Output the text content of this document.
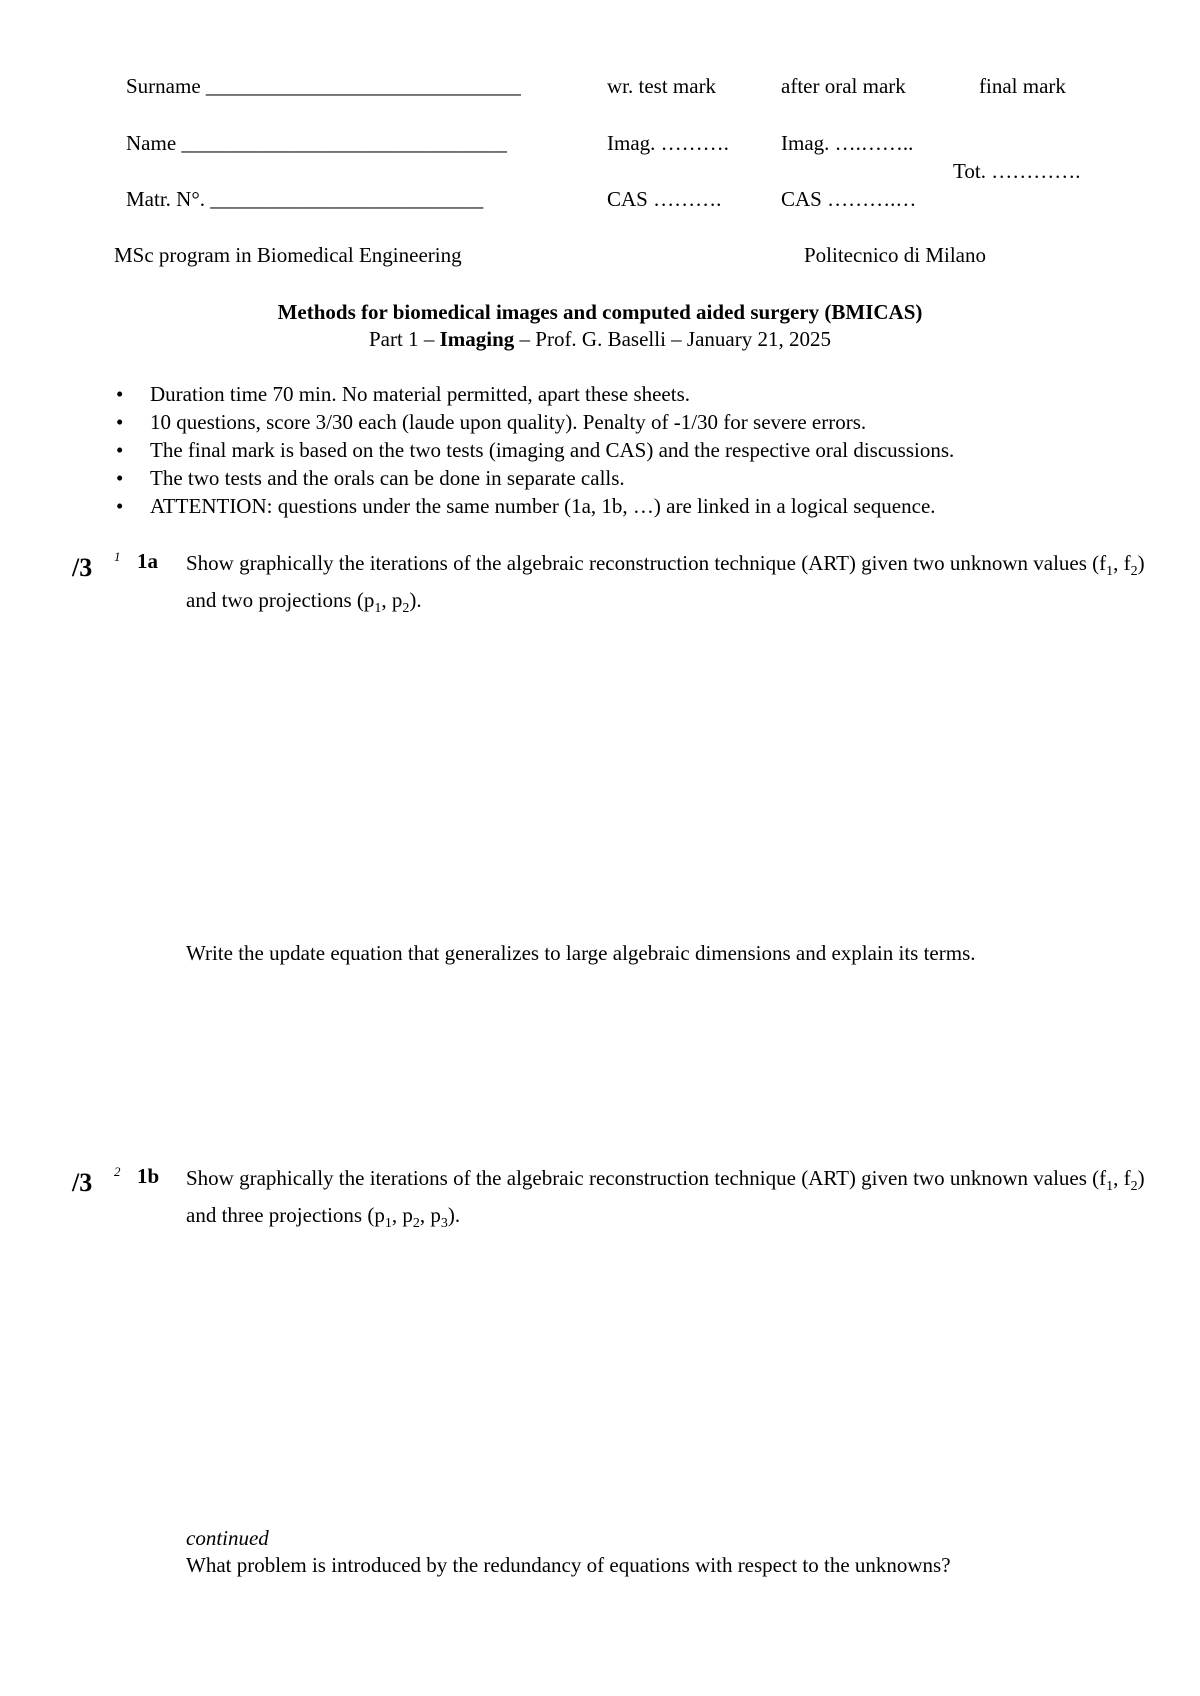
Surname ______________________________
Name _______________________________
Matr. N°. __________________________
wr. test mark	after oral mark	final mark
Imag. ………. Imag. ….……..
CAS ……….	CAS ……….…
Tot. ………….
MSc program in Biomedical Engineering	Politecnico di Milano
Methods for biomedical images and computed aided surgery (BMICAS)
Part 1 – Imaging – Prof. G. Baselli – January 21, 2025
• Duration time 70 min. No material permitted, apart these sheets.
• 10 questions, score 3/30 each (laude upon quality). Penalty of -1/30 for severe errors.
• The final mark is based on the two tests (imaging and CAS) and the respective oral discussions.
• The two tests and the orals can be done in separate calls.
• ATTENTION: questions under the same number (1a, 1b, …) are linked in a logical sequence.
/3 1 1a Show graphically the iterations of the algebraic reconstruction technique (ART) given two unknown values ($f_1$, $f_2$) and two projections ($p_1$, $p_2$).
Write the update equation that generalizes to large algebraic dimensions and explain its terms.
/3 2 1b Show graphically the iterations of the algebraic reconstruction technique (ART) given two unknown values ($f_1$, $f_2$) and three projections ($p_1$, $p_2$, $p_3$).
continued
What problem is introduced by the redundancy of equations with respect to the unknowns?
